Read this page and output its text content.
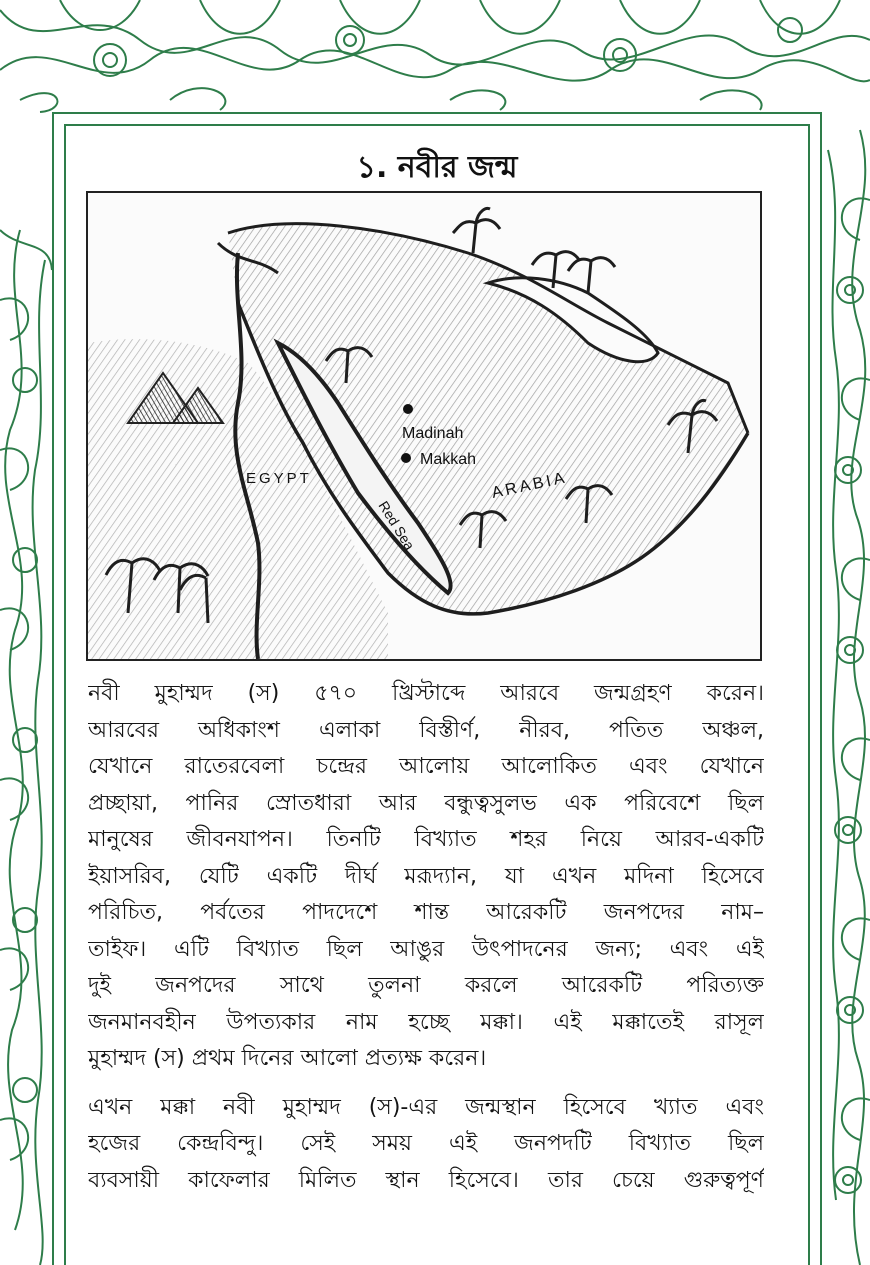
১. নবীর জন্ম
Madinah
Makkah
EGYPT	ARABIA
Red Sea
নবী মুহাম্মদ (স) ৫৭০ খ্রিস্টাব্দে আরবে জন্মগ্রহণ করেন।
আরবের অধিকাংশ এলাকা বিস্তীর্ণ, নীরব, পতিত অঞ্চল,
যেখানে রাতেরবেলা চন্দ্রের আলোয় আলোকিত এবং যেখানে
প্রচ্ছায়া, পানির স্রোতধারা আর বন্ধুত্বসুলভ এক পরিবেশে ছিল
মানুষের জীবনযাপন। তিনটি বিখ্যাত শহর নিয়ে আরব-একটি
ইয়াসরিব, যেটি একটি দীর্ঘ মরূদ্যান, যা এখন মদিনা হিসেবে
পরিচিত, পর্বতের পাদদেশে শান্ত আরেকটি জনপদের নাম–
তাইফ। এটি বিখ্যাত ছিল আঙুর উৎপাদনের জন্য; এবং এই
দুই জনপদের সাথে তুলনা করলে আরেকটি পরিত্যক্ত
জনমানবহীন উপত্যকার নাম হচ্ছে মক্কা। এই মক্কাতেই রাসূল
মুহাম্মদ (স) প্রথম দিনের আলো প্রত্যক্ষ করেন।
এখন মক্কা নবী মুহাম্মদ (স)-এর জন্মস্থান হিসেবে খ্যাত এবং
হজের কেন্দ্রবিন্দু। সেই সময় এই জনপদটি বিখ্যাত ছিল
ব্যবসায়ী কাফেলার মিলিত স্থান হিসেবে। তার চেয়ে গুরুত্বপূর্ণ
